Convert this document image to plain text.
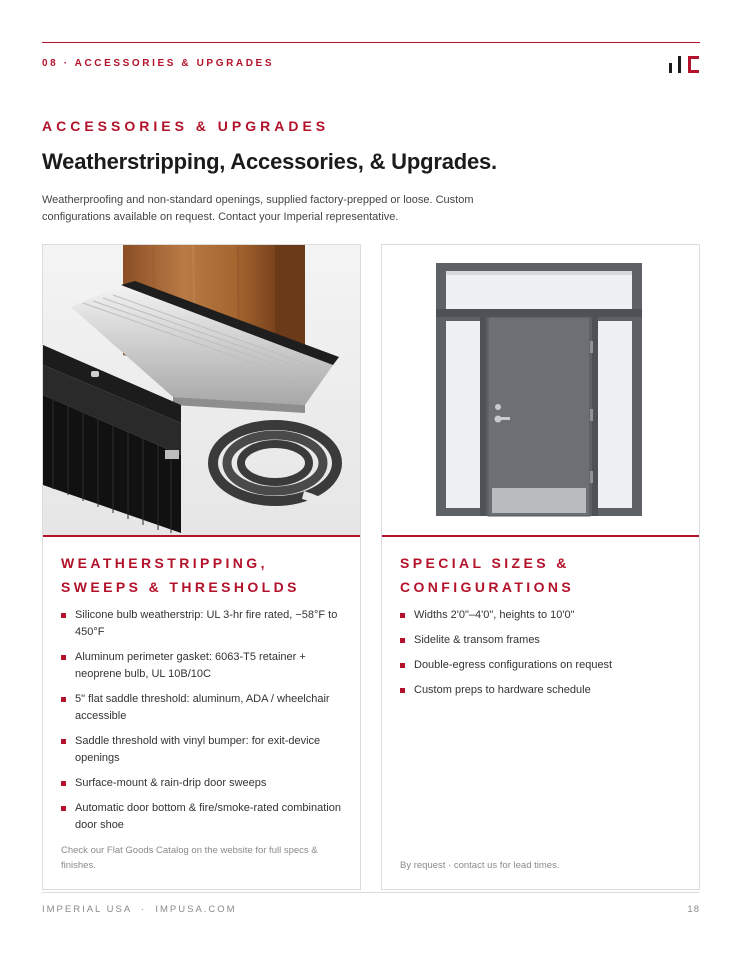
08 · ACCESSORIES & UPGRADES
ACCESSORIES & UPGRADES
Weatherstripping, Accessories, & Upgrades.

Weatherproofing and non-standard openings, supplied factory-prepped or loose. Custom configurations available on request. Contact your Imperial representative.

WEATHERSTRIPPING, SWEEPS & THRESHOLDS
Silicone bulb weatherstrip: UL 3-hr fire rated, −58°F to 450°F
Aluminum perimeter gasket: 6063-T5 retainer + neoprene bulb, UL 10B/10C
5" flat saddle threshold: aluminum, ADA / wheelchair accessible
Saddle threshold with vinyl bumper: for exit-device openings
Surface-mount & rain-drip door sweeps
Automatic door bottom & fire/smoke-rated combination door shoe

Check our Flat Goods Catalog on the website for full specs & finishes.

SPECIAL SIZES & CONFIGURATIONS
Widths 2'0"–4'0", heights to 10'0"
Sidelite & transom frames
Double-egress configurations on request
Custom preps to hardware schedule

By request · contact us for lead times.

IMPERIAL USA  ·  IMPUSA.COM	18
